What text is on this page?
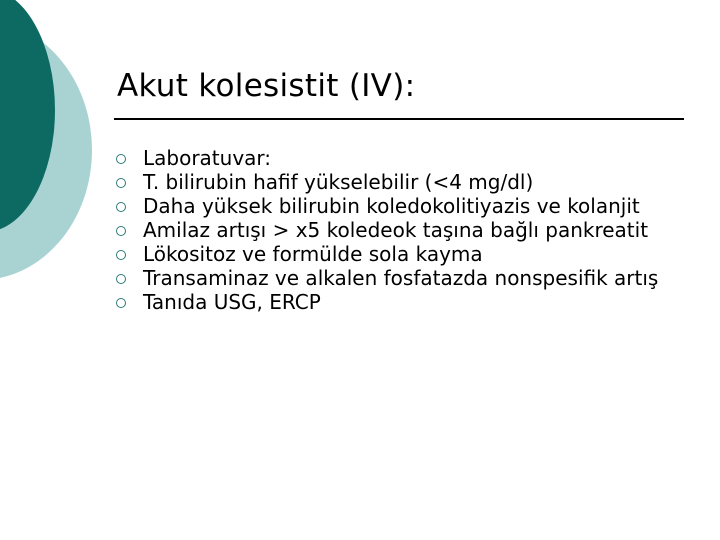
Akut kolesistit (IV):
Laboratuvar:
T. bilirubin hafif yükselebilir (<4 mg/dl)
Daha yüksek bilirubin koledokolitiyazis ve kolanjit
Amilaz artışı > x5 koledeok taşına bağlı pankreatit
Lökositoz ve formülde sola kayma
Transaminaz ve alkalen fosfatazda nonspesifik artış
Tanıda USG, ERCP
